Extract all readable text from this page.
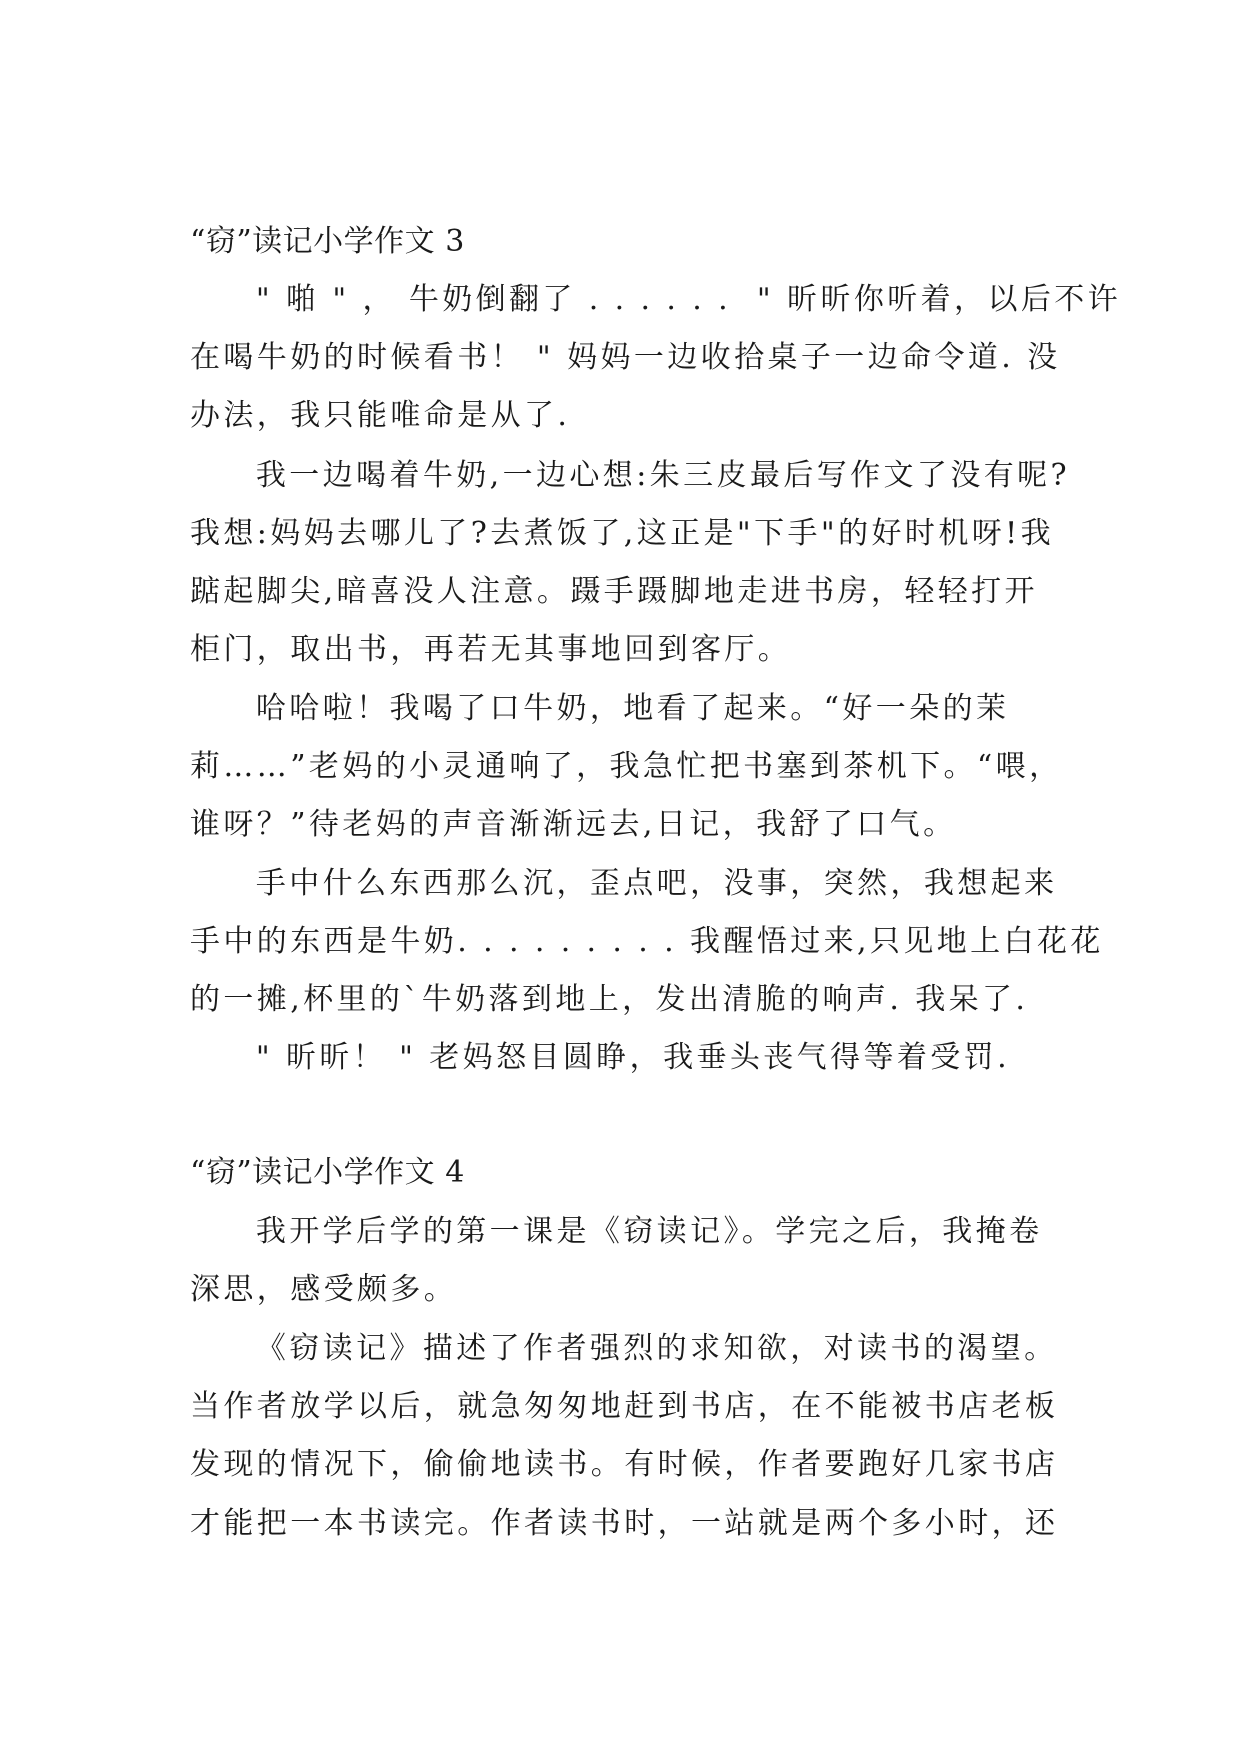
“窃”读记小学作文 3
" 啪 " ， 牛奶倒翻了 . . . . . .  " 昕昕你听着，以后不许
在喝牛奶的时候看书！ " 妈妈一边收拾桌子一边命令道. 没
办法，我只能唯命是从了.
我一边喝着牛奶,一边心想:朱三皮最后写作文了没有呢?
我想:妈妈去哪儿了?去煮饭了,这正是"下手"的好时机呀!我
踮起脚尖,暗喜没人注意。蹑手蹑脚地走进书房，轻轻打开
柜门，取出书，再若无其事地回到客厅。
哈哈啦！我喝了口牛奶，地看了起来。“好一朵的茉
莉……”老妈的小灵通响了，我急忙把书塞到茶机下。“喂，
谁呀？”待老妈的声音渐渐远去,日记，我舒了口气。
手中什么东西那么沉，歪点吧，没事，突然，我想起来
手中的东西是牛奶. . . . . . . . . 我醒悟过来,只见地上白花花
的一摊,杯里的`牛奶落到地上，发出清脆的响声. 我呆了.
" 昕昕！ " 老妈怒目圆睁，我垂头丧气得等着受罚.
“窃”读记小学作文 4
我开学后学的第一课是《窃读记》。学完之后，我掩卷
深思，感受颇多。
《窃读记》描述了作者强烈的求知欲，对读书的渴望。
当作者放学以后，就急匆匆地赶到书店，在不能被书店老板
发现的情况下，偷偷地读书。有时候，作者要跑好几家书店
才能把一本书读完。作者读书时，一站就是两个多小时，还
